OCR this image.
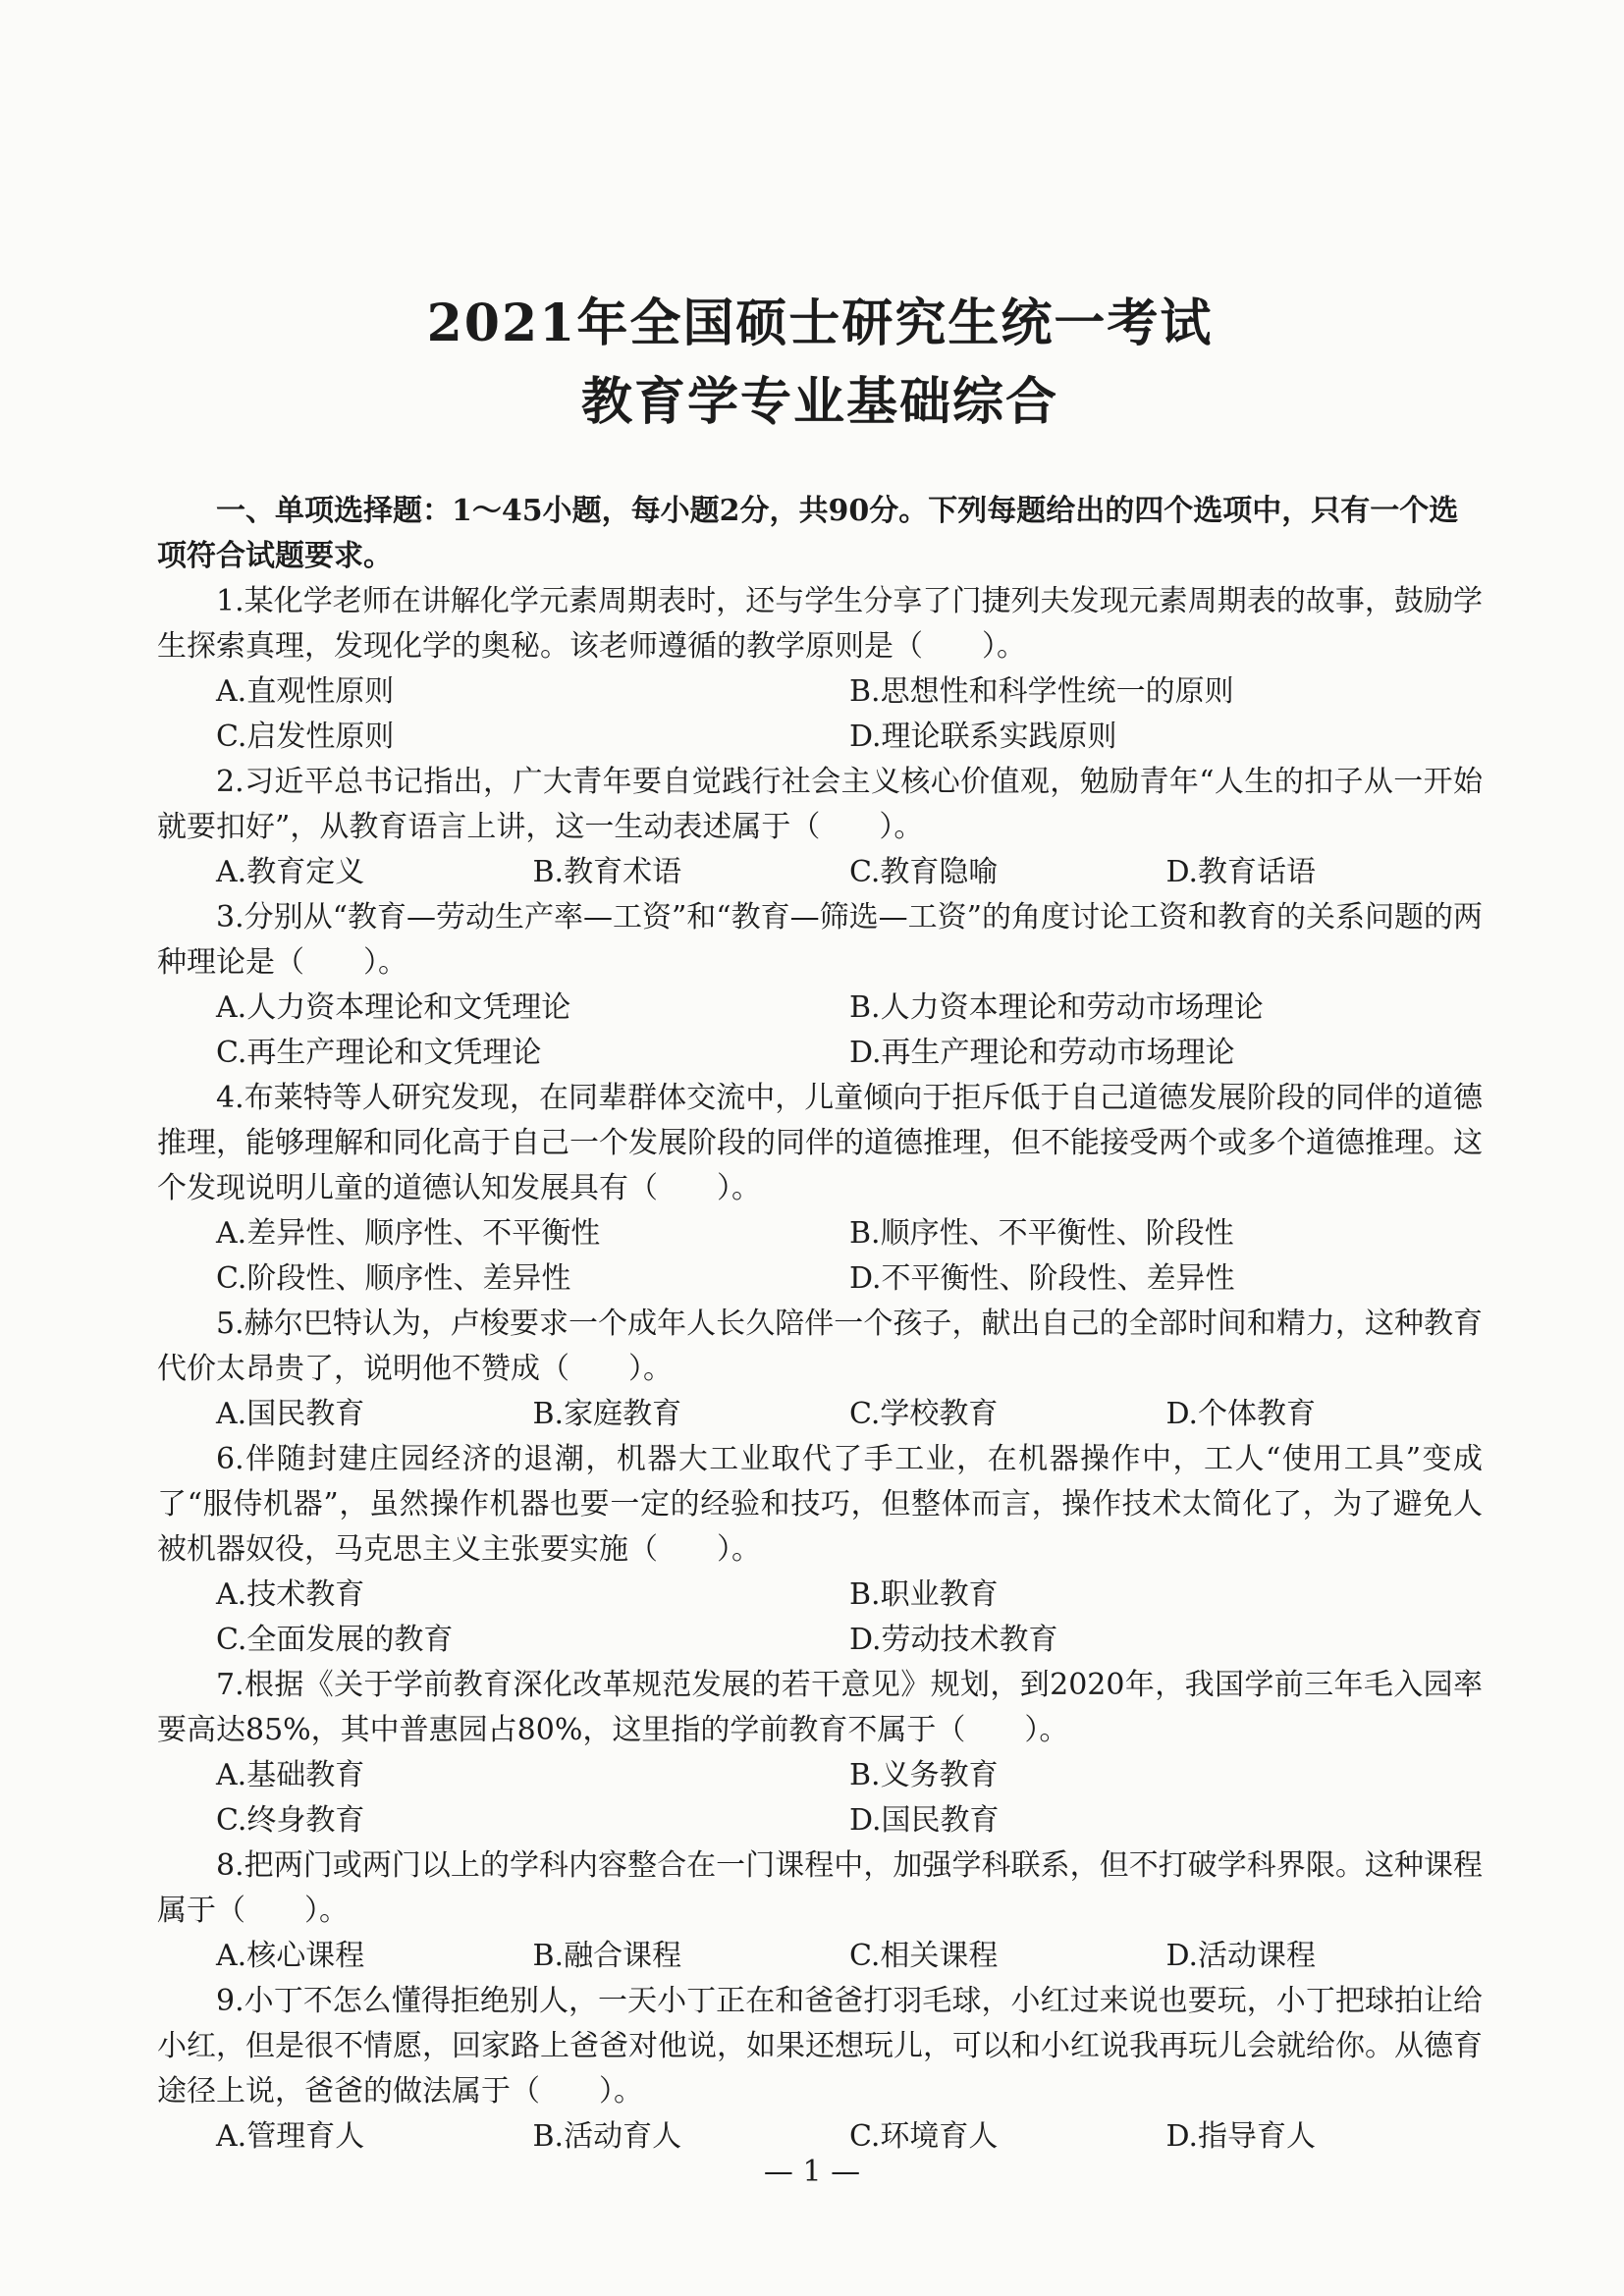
2021年全国硕士研究生统一考试

教育学专业基础综合

一、单项选择题：1～45小题，每小题2分，共90分。下列每题给出的四个选项中，只有一个选项符合试题要求。

1.某化学老师在讲解化学元素周期表时，还与学生分享了门捷列夫发现元素周期表的故事，鼓励学生探索真理，发现化学的奥秘。该老师遵循的教学原则是（　　）。

A.直观性原则	B.思想性和科学性统一的原则
C.启发性原则	D.理论联系实践原则

2.习近平总书记指出，广大青年要自觉践行社会主义核心价值观，勉励青年“人生的扣子从一开始就要扣好”，从教育语言上讲，这一生动表述属于（　　）。

A.教育定义	B.教育术语	C.教育隐喻	D.教育话语

3.分别从“教育—劳动生产率—工资”和“教育—筛选—工资”的角度讨论工资和教育的关系问题的两种理论是（　　）。

A.人力资本理论和文凭理论	B.人力资本理论和劳动市场理论
C.再生产理论和文凭理论	D.再生产理论和劳动市场理论

4.布莱特等人研究发现，在同辈群体交流中，儿童倾向于拒斥低于自己道德发展阶段的同伴的道德推理，能够理解和同化高于自己一个发展阶段的同伴的道德推理，但不能接受两个或多个道德推理。这个发现说明儿童的道德认知发展具有（　　）。

A.差异性、顺序性、不平衡性	B.顺序性、不平衡性、阶段性
C.阶段性、顺序性、差异性	D.不平衡性、阶段性、差异性

5.赫尔巴特认为，卢梭要求一个成年人长久陪伴一个孩子，献出自己的全部时间和精力，这种教育代价太昂贵了，说明他不赞成（　　）。

A.国民教育	B.家庭教育	C.学校教育	D.个体教育

6.伴随封建庄园经济的退潮，机器大工业取代了手工业，在机器操作中，工人“使用工具”变成了“服侍机器”，虽然操作机器也要一定的经验和技巧，但整体而言，操作技术太简化了，为了避免人被机器奴役，马克思主义主张要实施（　　）。

A.技术教育	B.职业教育
C.全面发展的教育	D.劳动技术教育

7.根据《关于学前教育深化改革规范发展的若干意见》规划，到2020年，我国学前三年毛入园率要高达85%，其中普惠园占80%，这里指的学前教育不属于（　　）。

A.基础教育	B.义务教育
C.终身教育	D.国民教育

8.把两门或两门以上的学科内容整合在一门课程中，加强学科联系，但不打破学科界限。这种课程属于（　　）。

A.核心课程	B.融合课程	C.相关课程	D.活动课程

9.小丁不怎么懂得拒绝别人，一天小丁正在和爸爸打羽毛球，小红过来说也要玩，小丁把球拍让给小红，但是很不情愿，回家路上爸爸对他说，如果还想玩儿，可以和小红说我再玩儿会就给你。从德育途径上说，爸爸的做法属于（　　）。

A.管理育人	B.活动育人	C.环境育人	D.指导育人
— 1 —
